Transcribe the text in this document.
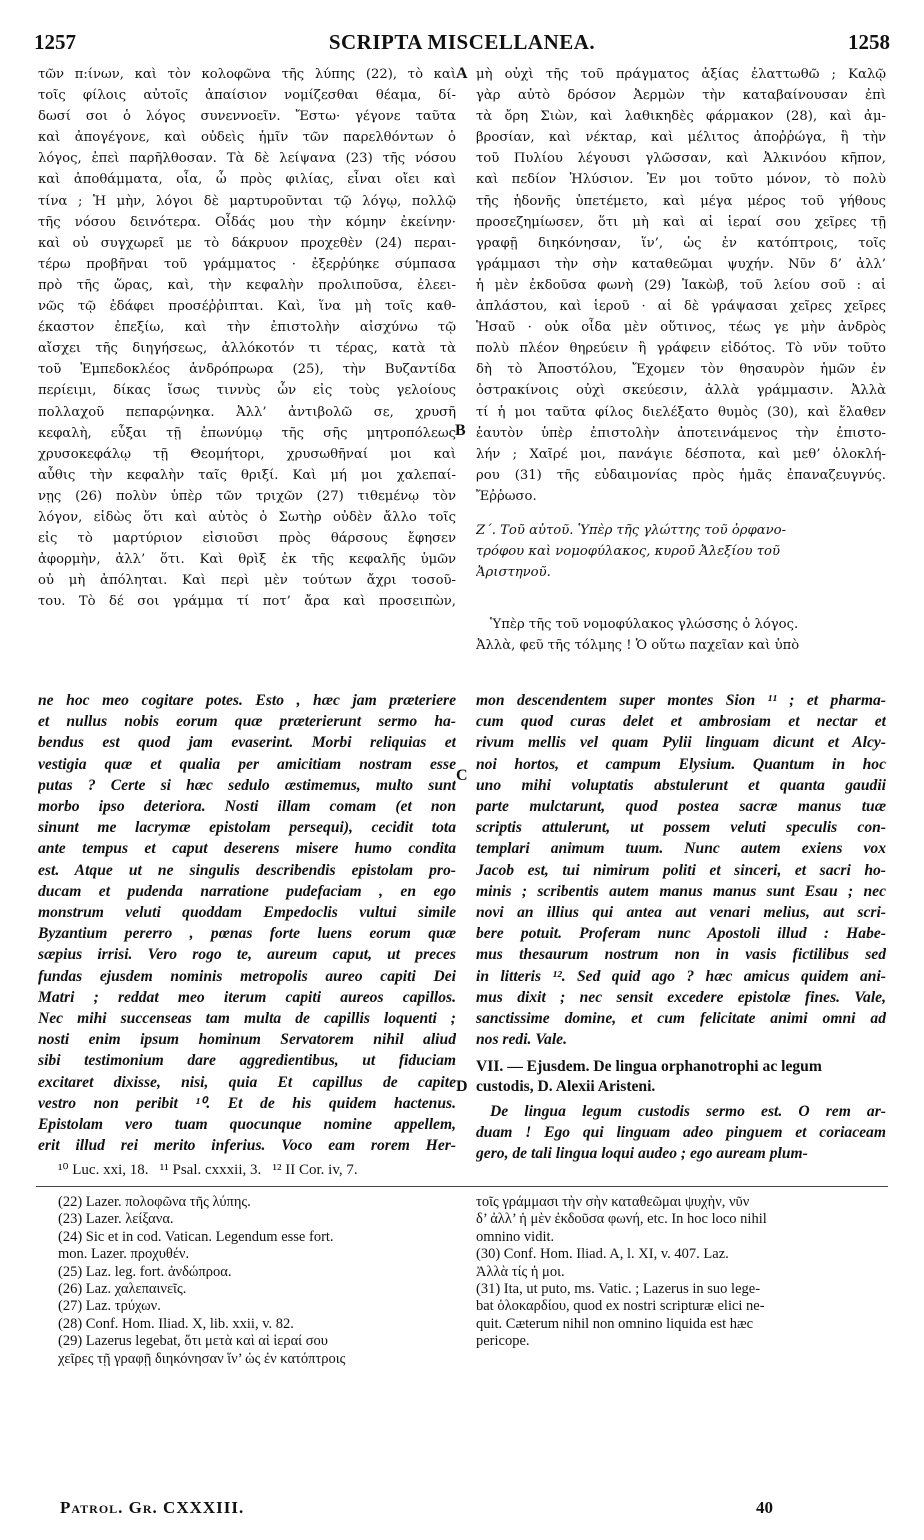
1257	SCRIPTA MISCELLANEA.	1258
τῶν π:ίνων, καὶ τὸν κολοφῶνα τῆς λύπης (22), τὸ καὶ
τοῖς φίλοις αὐτοῖς ἀπαίσιον νομίζεσθαι θέαμα, δί-
δωσί σοι ὁ λόγος συνεννοεῖν. Ἔστω· γέγονε ταῦτα
καὶ ἀπογέγονε, καὶ οὐδεὶς ἡμῖν τῶν παρελθόντων ὁ
λόγος, ἐπεὶ παρῆλθοσαν. Τὰ δὲ λείψανα (23) τῆς νόσου
καὶ ἀποθάμματα, οἷα, ὦ πρὸς φιλίας, εἶναι οἴει καὶ
τίνα ; Ἡ μὴν, λόγοι δὲ μαρτυροῦνται τῷ λόγῳ, πολλῷ
τῆς νόσου δεινότερα. Οἶδάς μου τὴν κόμην ἐκείνην·
καὶ οὐ συγχωρεῖ με τὸ δάκρυον προχεθὲν (24) περαι-
τέρω προβῆναι τοῦ γράμματος · ἐξερῥύηκε σύμπασα
πρὸ τῆς ὥρας, καὶ, τὴν κεφαλὴν προλιποῦσα, ἐλεει-
νῶς τῷ ἐδάφει προσέῤῥιπται. Καὶ, ἵνα μὴ τοῖς καθ-
έκαστον ἐπεξίω, καὶ τὴν ἐπιστολὴν αἰσχύνω τῷ
αἴσχει τῆς διηγήσεως, ἀλλόκοτόν τι τέρας, κατὰ τὰ
τοῦ Ἐμπεδοκλέος ἀνδρόπρωρα (25), τὴν Βυζαντίδα
περίειμι, δίκας ἴσως τιννὺς ὧν εἰς τοὺς γελοίους
πολλαχοῦ πεπαρῴνηκα. Ἀλλ’ ἀντιβολῶ σε, χρυσῆ
κεφαλὴ, εὖξαι τῇ ἐπωνύμῳ τῆς σῆς μητροπόλεως
χρυσοκεφάλῳ τῇ Θεομήτορι, χρυσωθῆναί μοι καὶ
αὖθις τὴν κεφαλὴν ταῖς θριξί. Καὶ μή μοι χαλεπαί-
νῃς (26) πολὺν ὑπὲρ τῶν τριχῶν (27) τιθεμένῳ τὸν
λόγον, εἰδὼς ὅτι καὶ αὐτὸς ὁ Σωτὴρ οὐδὲν ἄλλο τοῖς
εἰς τὸ μαρτύριον εἰσιοῦσι πρὸς θάρσους ἔφησεν
ἀφορμὴν, ἀλλ’ ὅτι. Καὶ θρὶξ ἐκ τῆς κεφαλῆς ὑμῶν
οὐ μὴ ἀπόληται. Καὶ περὶ μὲν τούτων ἄχρι τοσοῦ-
του. Τὸ δέ σοι γράμμα τί ποτ’ ἄρα καὶ προσειπὼν,
μὴ οὐχὶ τῆς τοῦ πράγματος ἀξίας ἐλαττωθῶ ; Καλῷ
γὰρ αὐτὸ δρόσον Ἀερμὼν τὴν καταβαίνουσαν ἐπὶ
τὰ ὄρη Σιὼν, καὶ λαθικηδὲς φάρμακον (28), καὶ ἀμ-
βροσίαν, καὶ νέκταρ, καὶ μέλιτος ἀποῤῥώγα, ἣ τὴν
τοῦ Πυλίου λέγουσι γλῶσσαν, καὶ Ἀλκινόου κῆπον,
καὶ πεδίον Ἠλύσιον. Ἐν μοι τοῦτο μόνον, τὸ πολὺ
τῆς ἡδονῆς ὑπετέμετο, καὶ μέγα μέρος τοῦ γήθους
προσεζημίωσεν, ὅτι μὴ καὶ αἱ ἱεραί σου χεῖρες τῇ
γραφῇ διηκόνησαν, ἵν’, ὡς ἐν κατόπτροις, τοῖς
γράμμασι τὴν σὴν καταθεῶμαι ψυχήν. Νῦν δ’ ἀλλ’
ἡ μὲν ἐκδοῦσα φωνὴ (29) Ἰακὼβ, τοῦ λείου σοῦ : αἱ
ἀπλάστου, καὶ ἱεροῦ · αἱ δὲ γράψασαι χεῖρες χεῖρες
Ἡσαῦ · οὐκ οἶδα μὲν οὕτινος, τέως γε μὴν ἀνδρὸς
πολὺ πλέον θηρεύειν ἢ γράφειν εἰδότος. Τὸ νῦν τοῦτο
δὴ τὸ Ἀποστόλου, Ἔχομεν τὸν θησαυρὸν ἡμῶν ἐν
ὀστρακίνοις οὐχὶ σκεύεσιν, ἀλλὰ γράμμασιν. Ἀλλὰ
τί ἡ μοι ταῦτα φίλος διελέξατο θυμὸς (30), καὶ ἔλαθεν
ἑαυτὸν ὑπὲρ ἐπιστολὴν ἀποτεινάμενος τὴν ἐπιστο-
λήν ; Χαῖρέ μοι, πανάγιε δέσποτα, καὶ μεθ’ ὁλοκλή-
ρου (31) τῆς εὐδαιμονίας πρὸς ἡμᾶς ἐπαναζευγνύς.
Ἔῤῥωσο.
Ζ΄. Τοῦ αὐτοῦ. Ὑπὲρ τῆς γλώττης τοῦ ὀρφανο-
τρόφου καὶ νομοφύλακος, κυροῦ Ἀλεξίου τοῦ
Ἀριστηνοῦ.
Ὑπὲρ τῆς τοῦ νομοφύλακος γλώσσης ὁ λόγος.
Ἀλλὰ, φεῦ τῆς τόλμης ! Ὁ οὕτω παχεῖαν καὶ ὑπὸ
ne hoc meo cogitare potes. Esto , hæc jam præteriere
et nullus nobis eorum quæ præterierunt sermo ha-
bendus est quod jam evaserint. Morbi reliquias et
vestigia quæ et qualia per amicitiam nostram esse
putas ? Certe si hæc sedulo æstimemus, multo sunt
morbo ipso deteriora. Nosti illam comam (et non
sinunt me lacrymæ epistolam persequi), cecidit tota
ante tempus et caput deserens misere humo condita
est. Atque ut ne singulis describendis epistolam pro-
ducam et pudenda narratione pudefaciam , en ego
monstrum veluti quoddam Empedoclis vultui simile
Byzantium pererro , pœnas forte luens eorum quæ
sæpius irrisi. Vero rogo te, aureum caput, ut preces
fundas ejusdem nominis metropolis aureo capiti Dei
Matri ; reddat meo iterum capiti aureos capillos.
Nec mihi succenseas tam multa de capillis loquenti ;
nosti enim ipsum hominum Servatorem nihil aliud
sibi testimonium dare aggredientibus, ut fiduciam
excitaret dixisse, nisi, quia Et capillus de capite
vestro non peribit ¹⁰. Et de his quidem hactenus.
Epistolam vero tuam quocunque nomine appellem,
erit illud rei merito inferius. Voco eam rorem Her-
mon descendentem super montes Sion ¹¹ ; et pharma-
cum quod curas delet et ambrosiam et nectar et
rivum mellis vel quam Pylii linguam dicunt et Alcy-
noi hortos, et campum Elysium. Quantum in hoc
uno mihi voluptatis abstulerunt et quanta gaudii
parte mulctarunt, quod postea sacræ manus tuæ
scriptis attulerunt, ut possem veluti speculis con-
templari animum tuum. Nunc autem exiens vox
Jacob est, tui nimirum politi et sinceri, et sacri ho-
minis ; scribentis autem manus manus sunt Esau ; nec
novi an illius qui antea aut venari melius, aut scri-
bere potuit. Proferam nunc Apostoli illud : Habe-
mus thesaurum nostrum non in vasis fictilibus sed
in litteris ¹². Sed quid ago ? hæc amicus quidem ani-
mus dixit ; nec sensit excedere epistolæ fines. Vale,
sanctissime domine, et cum felicitate animi omni ad
nos redi. Vale.
VII. — Ejusdem. De lingua orphanotrophi ac legum
custodis, D. Alexii Aristeni.
De lingua legum custodis sermo est. O rem ar-
duam ! Ego qui linguam adeo pinguem et coriaceam
gero, de tali lingua loqui audeo ; ego auream plum-
A
B
C
D
¹⁰ Luc. xxi, 18.   ¹¹ Psal. cxxxii, 3.   ¹² II Cor. iv, 7.
(22) Lazer. πολοφῶνα τῆς λύπης.
(23) Lazer. λείξανα.
(24) Sic et in cod. Vatican. Legendum esse fort.
mon. Lazer. προχυθέν.
(25) Laz. leg. fort. ἀνδώπροα.
(26) Laz. χαλεπαινεῖς.
(27) Laz. τρύχων.
(28) Conf. Hom. Iliad. X, lib. xxii, v. 82.
(29) Lazerus legebat, ὅτι μετὰ καὶ αἱ ἱεραί σου
χεῖρες τῇ γραφῇ διηκόνησαν ἵν’ ὡς ἐν κατόπτροις
τοῖς γράμμασι τὴν σὴν καταθεῶμαι ψυχὴν, νῦν
δ’ ἀλλ’ ἡ μὲν ἐκδοῦσα φωνή, etc. In hoc loco nihil
omnino vidit.
(30) Conf. Hom. Iliad. A, l. XI, v. 407. Laz.
Ἀλλὰ τίς ἡ μοι.
(31) Ita, ut puto, ms. Vatic. ; Lazerus in suo lege-
bat ὁλοκαρδίου, quod ex nostri scripturæ elici ne-
quit. Cæterum nihil non omnino liquida est hæc
pericope.
Patrol. Gr. CXXXIII.	40
